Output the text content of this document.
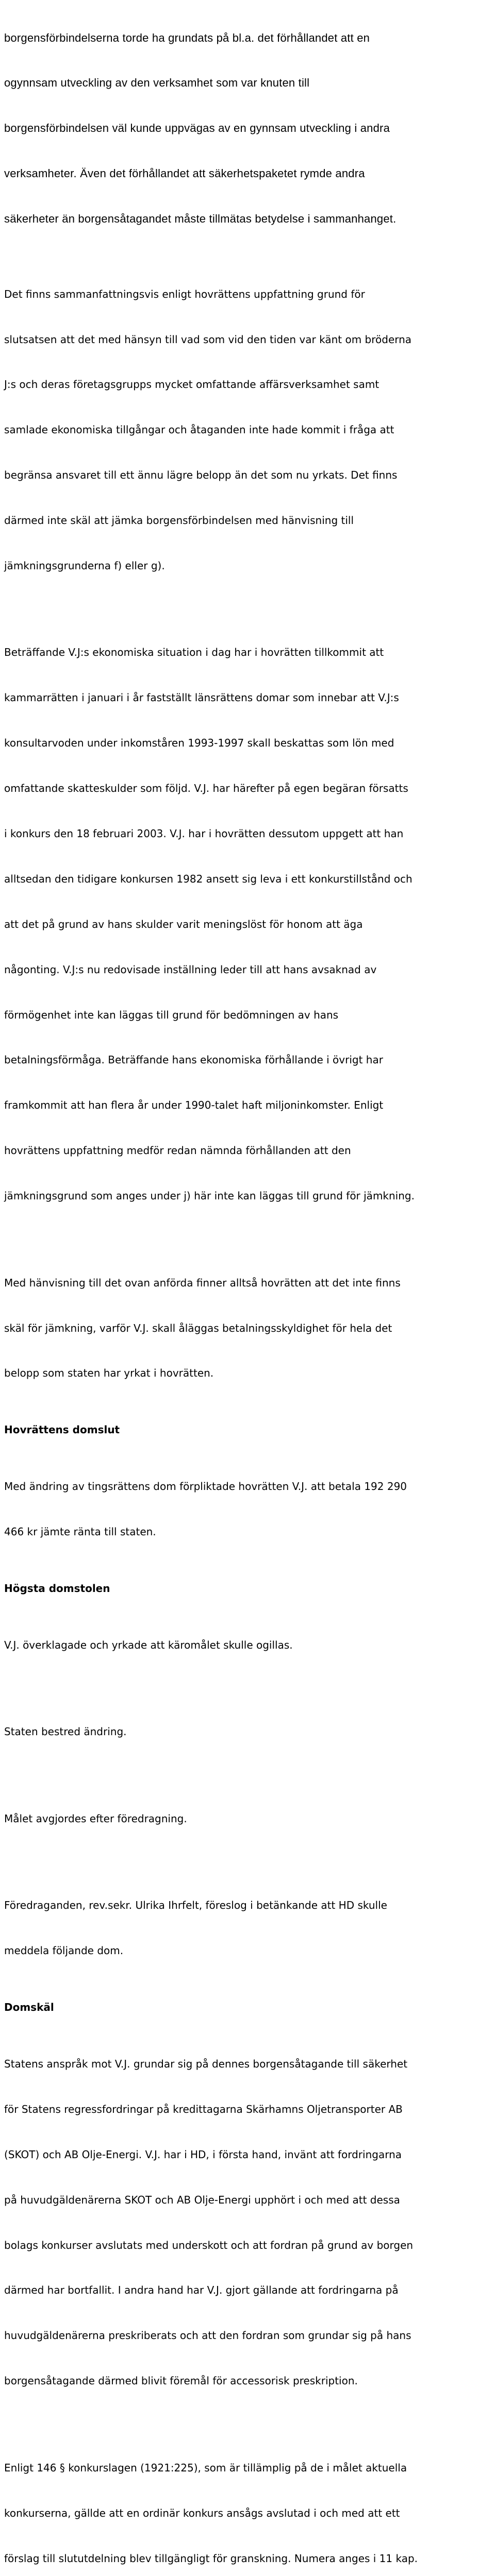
borgensförbindelserna torde ha grundats på bl.a. det förhållandet att en

ogynnsam utveckling av den verksamhet som var knuten till

borgensförbindelsen väl kunde uppvägas av en gynnsam utveckling i andra

verksamheter. Även det förhållandet att säkerhetspaketet rymde andra

säkerheter än borgensåtagandet måste tillmätas betydelse i sammanhanget.

Det finns sammanfattningsvis enligt hovrättens uppfattning grund för

slutsatsen att det med hänsyn till vad som vid den tiden var känt om bröderna

J:s och deras företagsgrupps mycket omfattande affärsverksamhet samt

samlade ekonomiska tillgångar och åtaganden inte hade kommit i fråga att

begränsa ansvaret till ett ännu lägre belopp än det som nu yrkats. Det finns

därmed inte skäl att jämka borgensförbindelsen med hänvisning till

jämkningsgrunderna f) eller g).

Beträffande V.J:s ekonomiska situation i dag har i hovrätten tillkommit att

kammarrätten i januari i år fastställt länsrättens domar som innebar att V.J:s

konsultarvoden under inkomståren 1993-1997 skall beskattas som lön med

omfattande skatteskulder som följd. V.J. har härefter på egen begäran försatts

i konkurs den 18 februari 2003. V.J. har i hovrätten dessutom uppgett att han

alltsedan den tidigare konkursen 1982 ansett sig leva i ett konkurstillstånd och

att det på grund av hans skulder varit meningslöst för honom att äga

någonting. V.J:s nu redovisade inställning leder till att hans avsaknad av

förmögenhet inte kan läggas till grund för bedömningen av hans

betalningsförmåga. Beträffande hans ekonomiska förhållande i övrigt har

framkommit att han flera år under 1990-talet haft miljoninkomster. Enligt

hovrättens uppfattning medför redan nämnda förhållanden att den

jämkningsgrund som anges under j) här inte kan läggas till grund för jämkning.

Med hänvisning till det ovan anförda finner alltså hovrätten att det inte finns

skäl för jämkning, varför V.J. skall åläggas betalningsskyldighet för hela det

belopp som staten har yrkat i hovrätten.

Hovrättens domslut

Med ändring av tingsrättens dom förpliktade hovrätten V.J. att betala 192 290

466 kr jämte ränta till staten.

Högsta domstolen

V.J. överklagade och yrkade att käromålet skulle ogillas.

Staten bestred ändring.

Målet avgjordes efter föredragning.

Föredraganden, rev.sekr. Ulrika Ihrfelt, föreslog i betänkande att HD skulle

meddela följande dom.

Domskäl

Statens anspråk mot V.J. grundar sig på dennes borgensåtagande till säkerhet

för Statens regressfordringar på kredittagarna Skärhamns Oljetransporter AB

(SKOT) och AB Olje-Energi. V.J. har i HD, i första hand, invänt att fordringarna

på huvudgäldenärerna SKOT och AB Olje-Energi upphört i och med att dessa

bolags konkurser avslutats med underskott och att fordran på grund av borgen

därmed har bortfallit. I andra hand har V.J. gjort gällande att fordringarna på

huvudgäldenärerna preskriberats och att den fordran som grundar sig på hans

borgensåtagande därmed blivit föremål för accessorisk preskription.

Enligt 146 § konkurslagen (1921:225), som är tillämplig på de i målet aktuella

konkurserna, gällde att en ordinär konkurs ansågs avslutad i och med att ett

förslag till slututdelning blev tillgängligt för granskning. Numera anges i 11 kap.
